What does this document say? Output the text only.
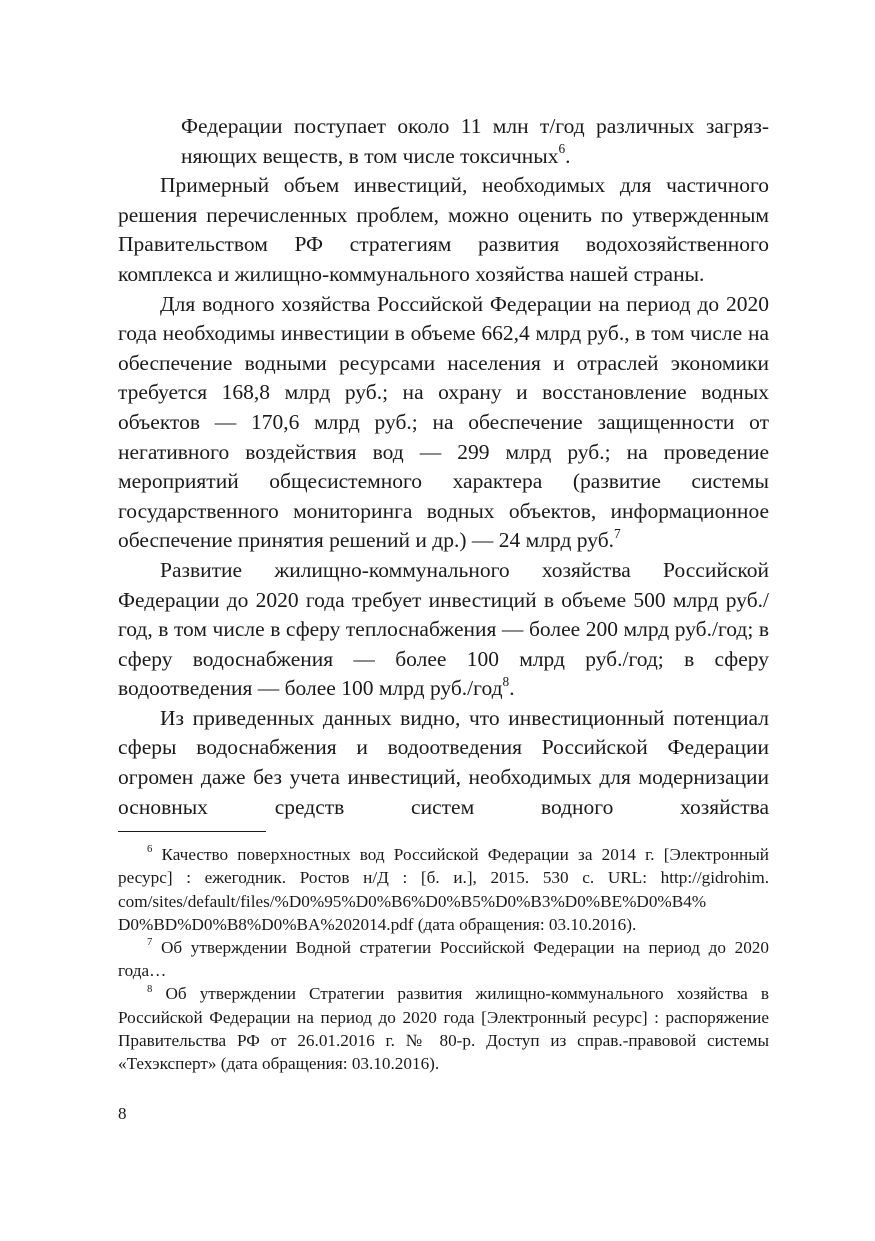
Федерации поступает около 11 млн т/год различных загрязняющих веществ, в том числе токсичных$^6$.

Примерный объем инвестиций, необходимых для частичного решения перечисленных проблем, можно оценить по утвержденным Правительством РФ стратегиям развития водохозяйственного комплекса и жилищно-коммунального хозяйства нашей страны.

Для водного хозяйства Российской Федерации на период до 2020 года необходимы инвестиции в объеме 662,4 млрд руб., в том числе на обеспечение водными ресурсами населения и отраслей экономики требуется 168,8 млрд руб.; на охрану и восстановление водных объектов — 170,6 млрд руб.; на обеспечение защищенности от негативного воздействия вод — 299 млрд руб.; на проведение мероприятий общесистемного характера (развитие системы государственного мониторинга водных объектов, информационное обеспечение принятия решений и др.) — 24 млрд руб.$^7$

Развитие жилищно-коммунального хозяйства Российской Федерации до 2020 года требует инвестиций в объеме 500 млрд руб./год, в том числе в сферу теплоснабжения — более 200 млрд руб./год; в сферу водоснабжения — более 100 млрд руб./год; в сферу водоотведения — более 100 млрд руб./год$^8$.

Из приведенных данных видно, что инвестиционный потенциал сферы водоснабжения и водоотведения Российской Федерации огромен даже без учета инвестиций, необходимых для модернизации основных средств систем водного хозяйства

$^6$ Качество поверхностных вод Российской Федерации за 2014 г. [Электронный ресурс] : ежегодник. Ростов н/Д : [б. и.], 2015. 530 с. URL: http://gidrohim.​com/sites/default/files/%D0%95%D0%B6%D0%B5%D0%B3%D0%BE%D0%B4%​D0%BD%D0%B8%D0%BA%202014.pdf (дата обращения: 03.10.2016).

$^7$ Об утверждении Водной стратегии Российской Федерации на период до 2020 года…

$^8$ Об утверждении Стратегии развития жилищно-коммунального хозяйства в Российской Федерации на период до 2020 года [Электронный ресурс] : распоряжение Правительства РФ от 26.01.2016 г. № 80-р. Доступ из справ.-правовой системы «Техэксперт» (дата обращения: 03.10.2016).

8
